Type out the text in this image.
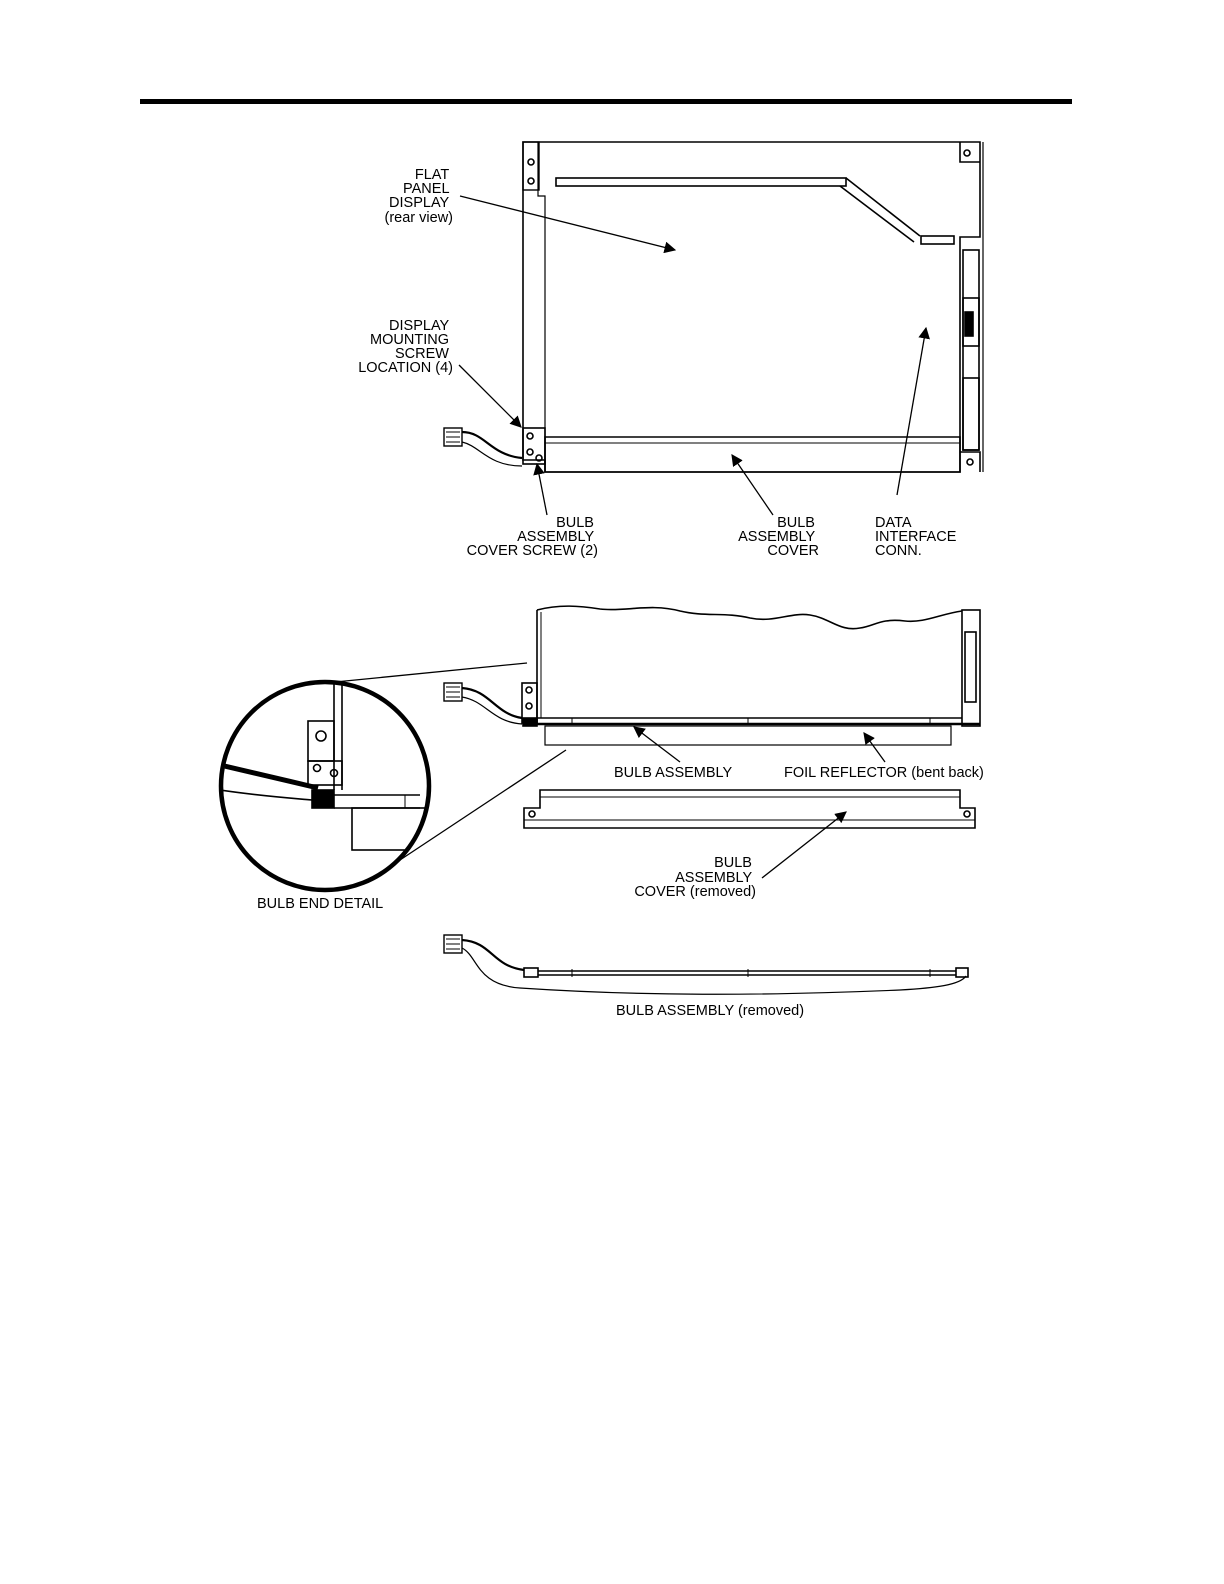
FLAT PANEL DISPLAY (rear view)
DISPLAY MOUNTING SCREW LOCATION (4)
BULB ASSEMBLY COVER SCREW (2)
BULB ASSEMBLY COVER
DATA INTERFACE CONN.
BULB END DETAIL
BULB ASSEMBLY	FOIL REFLECTOR (bent back)
BULB ASSEMBLY COVER (removed)
BULB ASSEMBLY (removed)
